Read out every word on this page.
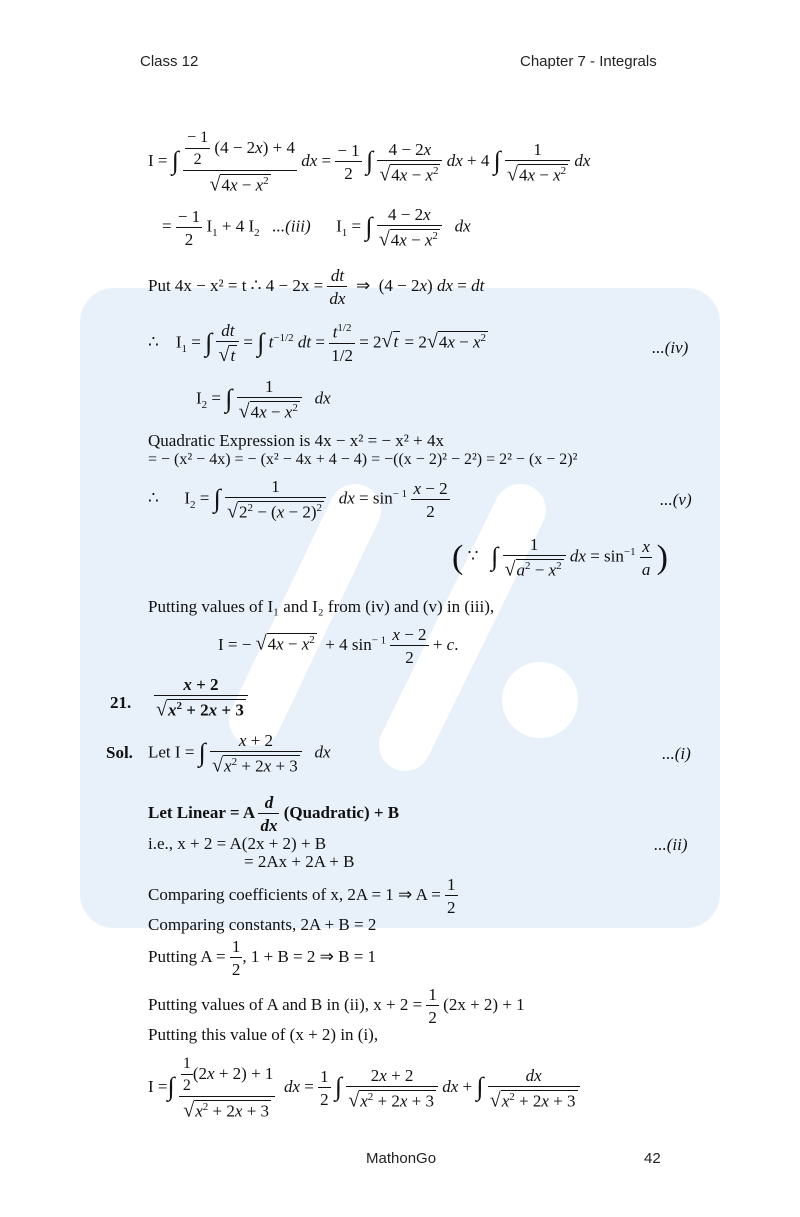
Class 12	Chapter 7 - Integrals
I = ∫ $\frac{\frac{- 1}{2} (4 - 2x) + 4}{√4x - x^2}$ dx = $\frac{- 1}{2}$ ∫ $\frac{4 - 2x}{√4x - x^2}$ dx + 4 ∫ $\frac{1}{√4x - x^2}$ dx
= $\frac{- 1}{2} I_1 + 4$ $I_2$ ...(iii)      $I_1$ = ∫ $\frac{4 - 2x}{√4x - x^2}$ dx
Put 4x − x² = t ∴ $4 - 2x = \frac{dt}{dx}$ ⇒  (4 − 2x) dx = dt
∴    $I_1$ = ∫ $\frac{dt}{√t}$ = ∫ $t^{-1/2}$ dt = $\frac{t^{1/2}}{1/2} = 2√t = 2√4x - x^2$
...(iv)
$I_2$ = ∫ $\frac{1}{√4x - x^2}$ dx
Quadratic Expression is 4x − x² = − x² + 4x
= − (x² − 4x) = − (x² − 4x + 4 − 4) = −((x − 2)² − 2²) = 2² − (x − 2)²
∴      $I_2$ = ∫ $\frac{1}{√2^2 - (x - 2)^2}$ dx = $\sin^{- 1} \frac{x - 2}{2}$	...(v)
( ∵   ∫ $\frac{1}{√a^2 - x^2}$ dx = $\sin^{-1} \frac{x}{a}$ )
Putting values of I₁ and I₂ from (iv) and (v) in (iii),
I = − $√4x - x^2 + 4$ $\sin^{- 1} \frac{x - 2}{2} + c$.
21. $\frac{x + 2}{√x^2 + 2x + 3}$
Sol. Let I = ∫ $\frac{x + 2}{√x^2 + 2x + 3}$ dx	...(i)
Let Linear = A $\frac{d}{dx}$ (Quadratic) + B
i.e., x + 2 = A(2x + 2) + B	...(ii)
= 2Ax + 2A + B
Comparing coefficients of x, 2A = 1 ⇒ $A = \frac{1}{2}$
Comparing constants, 2A + B = 2
Putting $A = \frac{1}{2}$ , 1 + B = 2 ⇒ B = 1
Putting values of A and B in (ii), $x + 2 = \frac{1}{2} (2x + 2) + 1$
Putting this value of (x + 2) in (i),
I =∫ $\frac{\frac{1}{2} (2x + 2) + 1}{√x^2 + 2x + 3}$ dx = $\frac{1}{2}$ ∫ $\frac{2x + 2}{√x^2 + 2x + 3}$ dx + ∫ $\frac{dx}{√x^2 + 2x + 3}$
MathonGo	42
